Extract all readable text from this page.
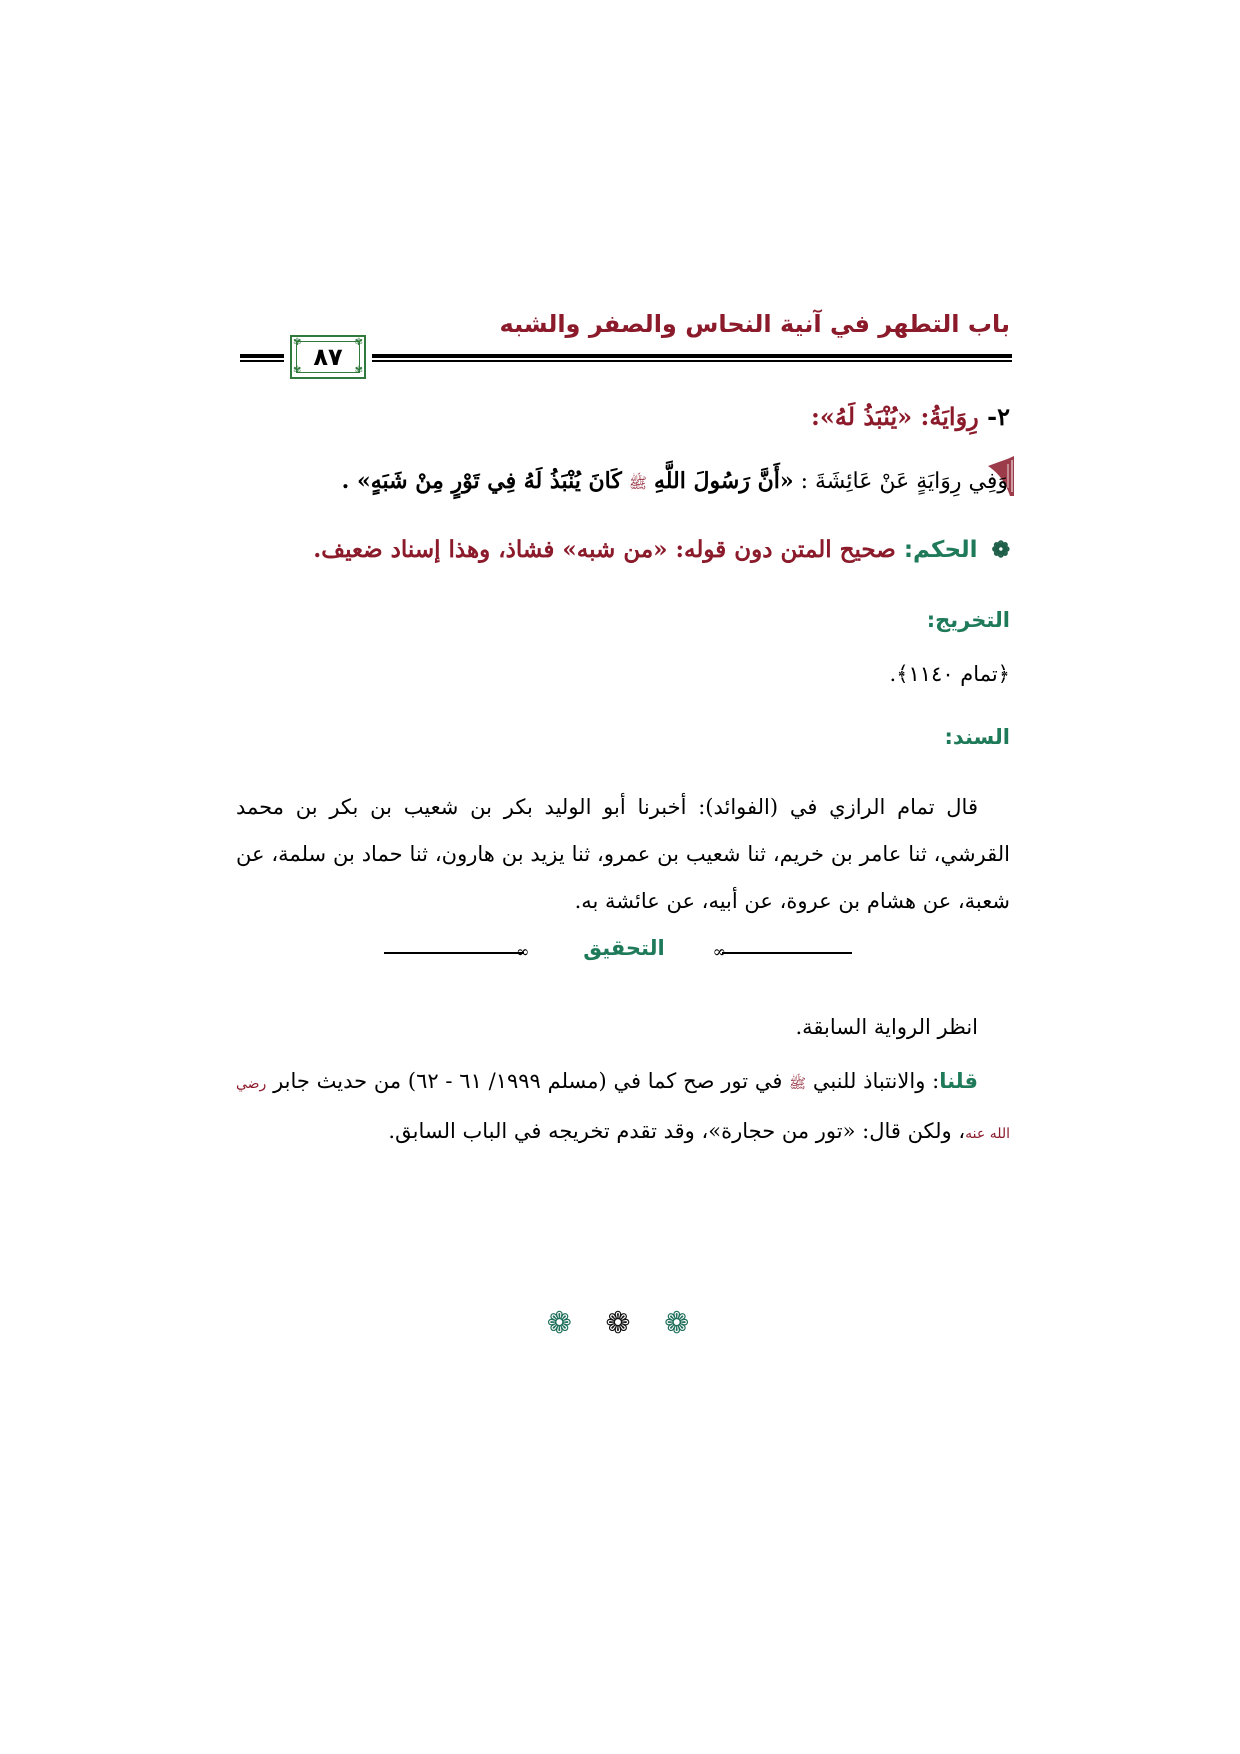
باب التطهر في آنية النحاس والصفر والشبه
✾	✾
✾	✾
٨٧
٢- رِوَايَةُ: «يُنْبَذُ لَهُ»:
وَفِي رِوَايَةٍ عَنْ عَائِشَةَ : «أَنَّ رَسُولَ اللَّهِ ﷺ كَانَ يُنْبَذُ لَهُ فِي تَوْرٍ مِنْ شَبَهٍ» .
❁ الحكم: صحيح المتن دون قوله: «من شبه» فشاذ، وهذا إسناد ضعيف.
التخريج:
﴿تمام ١١٤٠﴾.
السند:
قال تمام الرازي في (الفوائد): أخبرنا أبو الوليد بكر بن شعيب بن بكر بن محمد القرشي، ثنا عامر بن خريم، ثنا شعيب بن عمرو، ثنا يزيد بن هارون، ثنا حماد بن سلمة، عن شعبة، عن هشام بن عروة، عن أبيه، عن عائشة به.
∞	∞
التحقيق
انظر الرواية السابقة.
قلنا: والانتباذ للنبي ﷺ في تور صح كما في (مسلم ١٩٩٩/ ٦١ - ٦٢) من حديث جابر رضي الله عنه، ولكن قال: «تور من حجارة»، وقد تقدم تخريجه في الباب السابق.
❁ ❁ ❁
